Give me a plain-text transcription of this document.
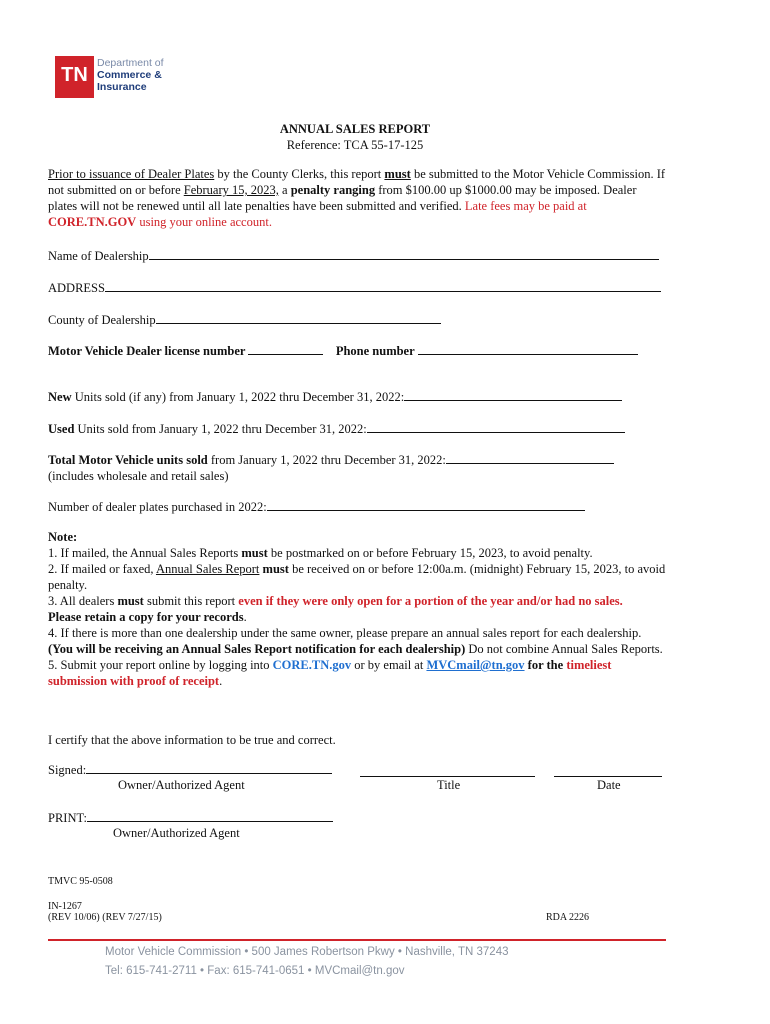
TN
Department of
Commerce &
Insurance
ANNUAL SALES REPORT
Reference: TCA 55-17-125
Prior to issuance of Dealer Plates by the County Clerks, this report must be submitted to the Motor Vehicle Commission. If not submitted on or before February 15, 2023, a penalty ranging from $100.00 up $1000.00 may be imposed. Dealer plates will not be renewed until all late penalties have been submitted and verified. Late fees may be paid at CORE.TN.GOV using your online account.
Name of Dealership
ADDRESS
County of Dealership
Motor Vehicle Dealer license number	Phone number
New Units sold (if any) from January 1, 2022 thru December 31, 2022:
Used Units sold from January 1, 2022 thru December 31, 2022:
Total Motor Vehicle units sold from January 1, 2022 thru December 31, 2022:
(includes wholesale and retail sales)
Number of dealer plates purchased in 2022:
Note:
1. If mailed, the Annual Sales Reports must be postmarked on or before February 15, 2023, to avoid penalty.
2. If mailed or faxed, Annual Sales Report must be received on or before 12:00a.m. (midnight) February 15, 2023, to avoid penalty.
3. All dealers must submit this report even if they were only open for a portion of the year and/or had no sales.
Please retain a copy for your records.
4. If there is more than one dealership under the same owner, please prepare an annual sales report for each dealership.
(You will be receiving an Annual Sales Report notification for each dealership) Do not combine Annual Sales Reports.
5. Submit your report online by logging into CORE.TN.gov or by email at MVCmail@tn.gov for the timeliest submission with proof of receipt.
I certify that the above information to be true and correct.
Signed:
Owner/Authorized Agent	Title	Date
PRINT:
Owner/Authorized Agent
TMVC 95-0508
IN-1267
(REV 10/06) (REV 7/27/15)	RDA 2226
Motor Vehicle Commission • 500 James Robertson Pkwy • Nashville, TN 37243
Tel: 615-741-2711 • Fax: 615-741-0651 • MVCmail@tn.gov
